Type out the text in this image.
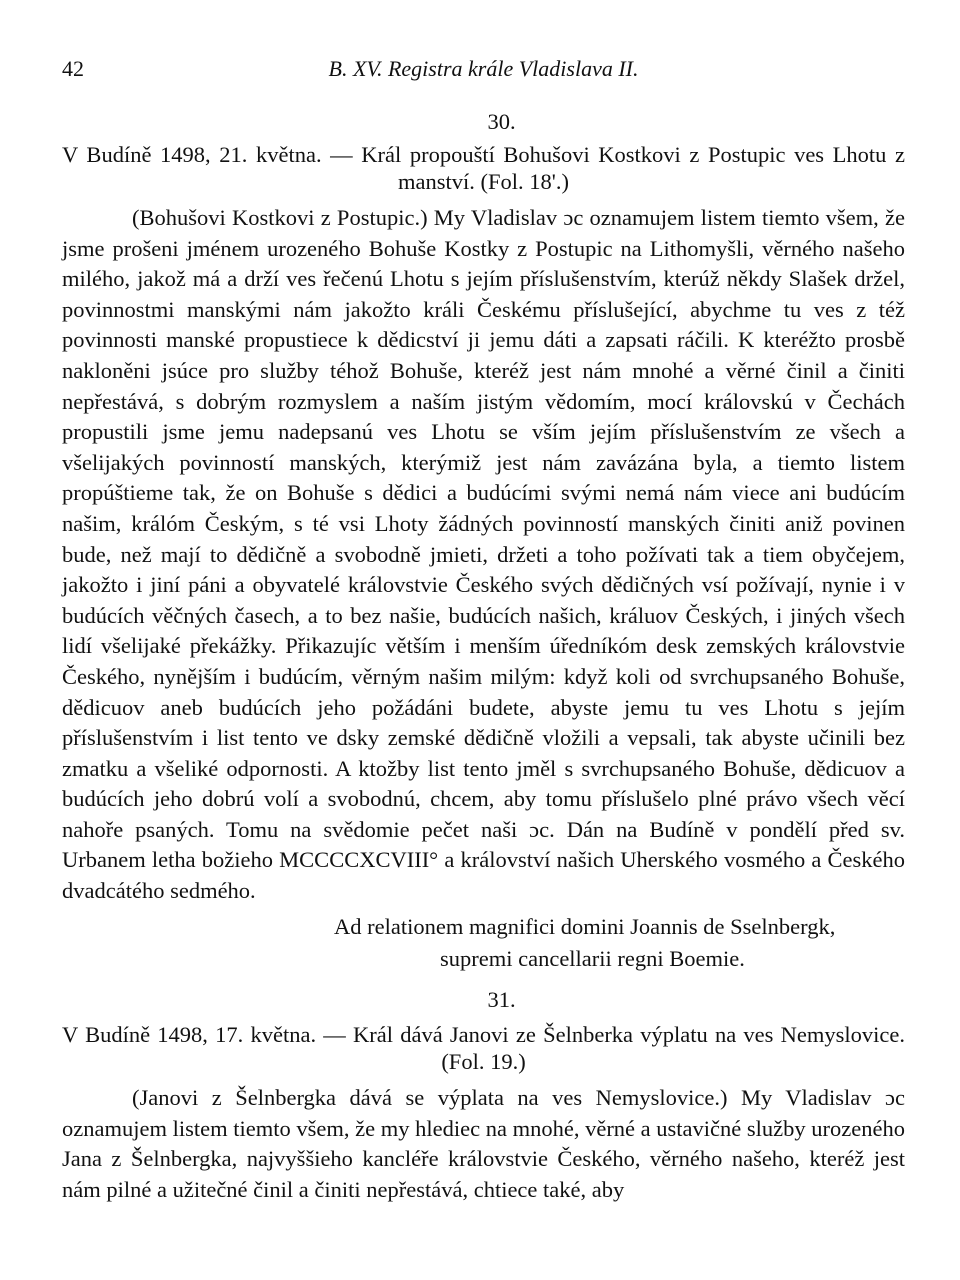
42	B. XV. Registra krále Vladislava II.
30.
V Budíně 1498, 21. května. — Král propouští Bohušovi Kostkovi z Postupic ves Lhotu z manství. (Fol. 18'.)
(Bohušovi Kostkovi z Postupic.) My Vladislav ɔc oznamujem listem tiemto všem, že jsme prošeni jménem urozeného Bohuše Kostky z Postupic na Lithomyšli, věrného našeho milého, jakož má a drží ves řečenú Lhotu s jejím příslušenstvím, kterúž někdy Slašek držel, povinnostmi manskými nám jakožto králi Českému příslušející, abychme tu ves z též povinnosti manské propustiece k dědicství ji jemu dáti a zapsati ráčili. K kteréžto prosbě nakloněni jsúce pro služby téhož Bohuše, kteréž jest nám mnohé a věrné činil a činiti nepřestává, s dobrým rozmyslem a naším jistým vědomím, mocí královskú v Čechách propustili jsme jemu nadepsanú ves Lhotu se vším jejím příslušenstvím ze všech a všelijakých povinností manských, kterýmiž jest nám zavázána byla, a tiemto listem propúštieme tak, že on Bohuše s dědici a budúcími svými nemá nám viece ani budúcím našim, králóm Českým, s té vsi Lhoty žádných povinností manských činiti aniž povinen bude, než mají to dědičně a svobodně jmieti, držeti a toho požívati tak a tiem obyčejem, jakožto i jiní páni a obyvatelé královstvie Českého svých dědičných vsí požívají, nynie i v budúcích věčných časech, a to bez našie, budúcích našich, králuov Českých, i jiných všech lidí všelijaké překážky. Přikazujíc větším i menším úředníkóm desk zemských královstvie Českého, nynějším i budúcím, věrným našim milým: když koli od svrchupsaného Bohuše, dědicuov aneb budúcích jeho požádáni budete, abyste jemu tu ves Lhotu s jejím příslušenstvím i list tento ve dsky zemské dědičně vložili a vepsali, tak abyste učinili bez zmatku a všeliké odpornosti. A ktožby list tento jměl s svrchupsaného Bohuše, dědicuov a budúcích jeho dobrú volí a svobodnú, chcem, aby tomu příslušelo plné právo všech věcí nahoře psaných. Tomu na svědomie pečet naši ɔc. Dán na Budíně v pondělí před sv. Urbanem letha božieho MCCCCXCVIII° a království našich Uherského vosmého a Českého dvadcátého sedmého.
Ad relationem magnifici domini Joannis de Sselnbergk,
supremi cancellarii regni Boemie.
31.
V Budíně 1498, 17. května. — Král dává Janovi ze Šelnberka výplatu na ves Nemyslovice. (Fol. 19.)
(Janovi z Šelnbergka dává se výplata na ves Nemyslovice.) My Vladislav ɔc oznamujem listem tiemto všem, že my hlediec na mnohé, věrné a ustavičné služby urozeného Jana z Šelnbergka, najvyššieho kancléře královstvie Českého, věrného našeho, kteréž jest nám pilné a užitečné činil a činiti nepřestává, chtiece také, aby
